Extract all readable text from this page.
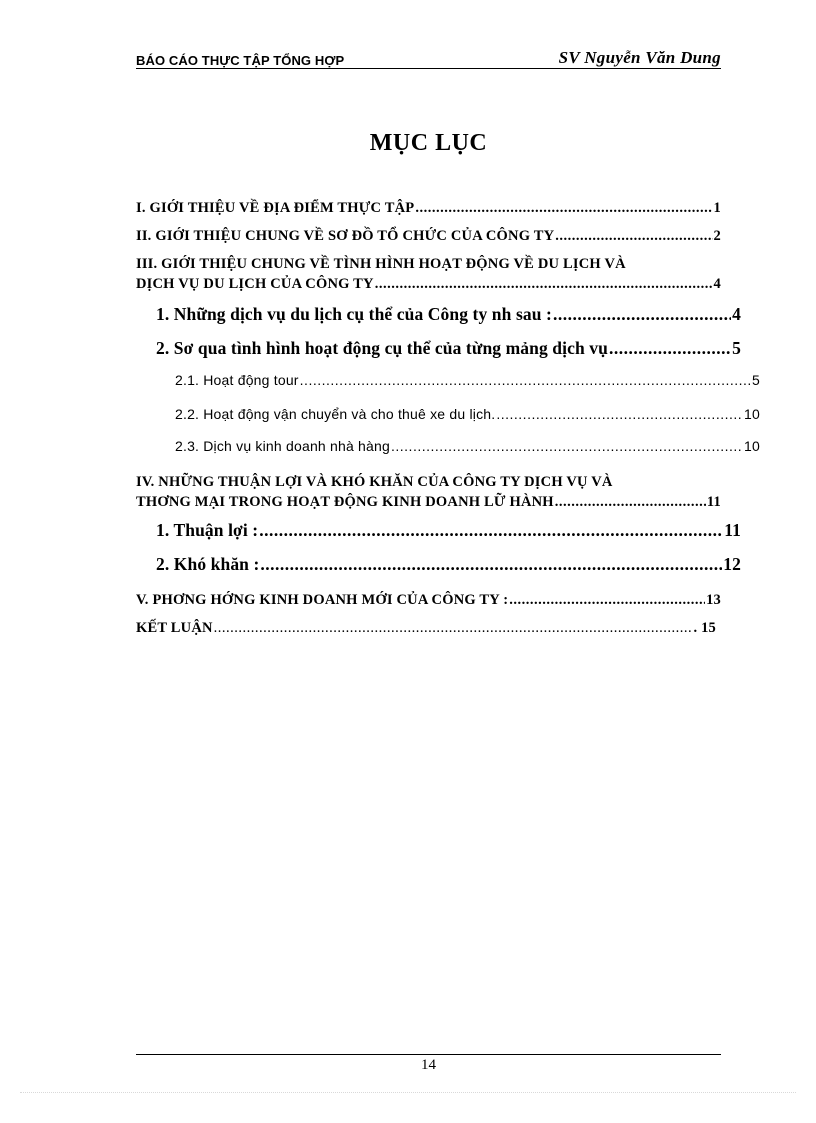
BÁO CÁO THỰC TẬP TỔNG HỢP	SV Nguyễn Văn Dung
MỤC LỤC
I. GIỚI THIỆU VỀ ĐỊA ĐIỂM THỰC TẬP .....	1
II. GIỚI THIỆU CHUNG VỀ SƠ ĐỒ TỔ CHỨC CỦA CÔNG TY .....	2
III. GIỚI THIỆU CHUNG VỀ TÌNH HÌNH HOẠT ĐỘNG VỀ DU LỊCH VÀ
DỊCH VỤ DU LỊCH CỦA CÔNG TY .....	4
1. Những dịch vụ du lịch cụ thể của Công ty nh sau : .....	4
2. Sơ qua tình hình hoạt động cụ thể của từng mảng dịch vụ .....	5
2.1. Hoạt động tour .....	5
2.2. Hoạt động vận chuyển và cho thuê xe du lịch. .....	10
2.3. Dịch vụ kinh doanh nhà hàng .....	10
IV. NHỮNG THUẬN LỢI VÀ KHÓ KHĂN CỦA CÔNG TY DỊCH VỤ VÀ
THƠNG MẠI TRONG HOẠT ĐỘNG KINH DOANH LỮ HÀNH .....	11
1. Thuận lợi : .....	11
2. Khó khăn : .....	12
V. PHƠNG HỚNG KINH DOANH MỚI CỦA CÔNG TY : .....	13
KẾT LUẬN .....	. 15
14
